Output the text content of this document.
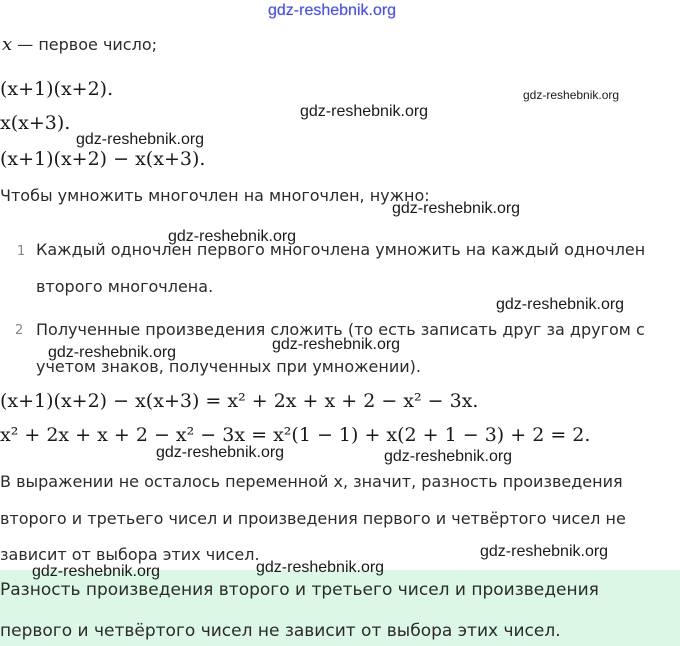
gdz-reshebnik.org
x — первое число;
(x+1)(x+2).	gdz-reshebnik.org
gdz-reshebnik.org
x(x+3).
gdz-reshebnik.org
(x+1)(x+2) − x(x+3).
Чтобы умножить многочлен на многочлен, нужно:
gdz-reshebnik.org
gdz-reshebnik.org
1 Каждый одночлен первого многочлена умножить на каждый одночлен
второго многочлена.
gdz-reshebnik.org
2 Полученные произведения сложить (то есть записать друг за другом с
gdz-reshebnik.org
gdz-reshebnik.org
учетом знаков, полученных при умножении).
(x+1)(x+2) − x(x+3) = x² + 2x + x + 2 − x² − 3x.
x² + 2x + x + 2 − x² − 3x = x²(1 − 1) + x(2 + 1 − 3) + 2 = 2.
gdz-reshebnik.org	gdz-reshebnik.org
В выражении не осталось переменной x, значит, разность произведения
второго и третьего чисел и произведения первого и четвёртого чисел не
зависит от выбора этих чисел.	gdz-reshebnik.org
Разность произведения второго и третьего чисел и произведения
первого и четвёртого чисел не зависит от выбора этих чисел.
gdz-reshebnik.org	gdz-reshebnik.org
